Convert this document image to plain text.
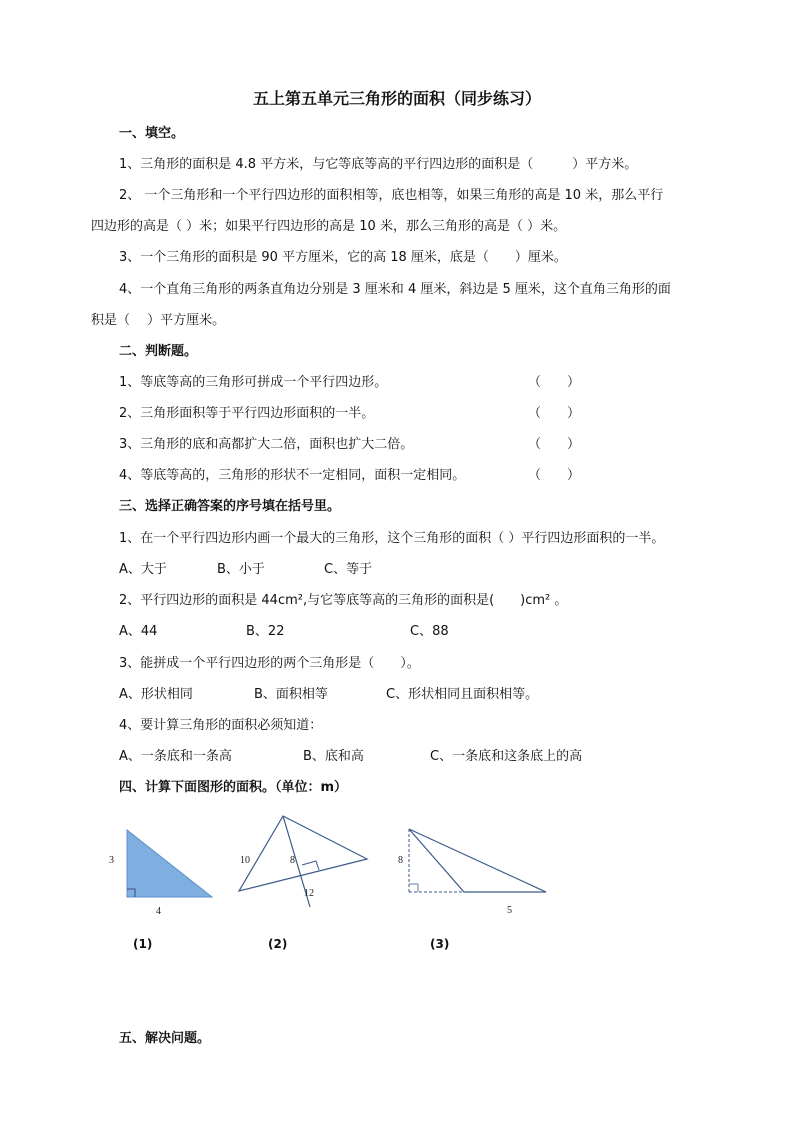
五上第五单元三角形的面积（同步练习）
一、填空。
1、三角形的面积是 4.8 平方米，与它等底等高的平行四边形的面积是（　　　）平方米。
2、 一个三角形和一个平行四边形的面积相等，底也相等，如果三角形的高是 10 米，那么平行
四边形的高是（ ）米；如果平行四边形的高是 10 米，那么三角形的高是（ ）米。
3、一个三角形的面积是 90 平方厘米，它的高 18 厘米，底是（　　）厘米。
4、一个直角三角形的两条直角边分别是 3 厘米和 4 厘米，斜边是 5 厘米，这个直角三角形的面
积是（　 ）平方厘米。
二、判断题。
1、等底等高的三角形可拼成一个平行四边形。	（　　）
2、三角形面积等于平行四边形面积的一半。	（　　）
3、三角形的底和高都扩大二倍，面积也扩大二倍。	（　　）
4、等底等高的，三角形的形状不一定相同，面积一定相同。	（　　）
三、选择正确答案的序号填在括号里。
1、在一个平行四边形内画一个最大的三角形，这个三角形的面积（ ）平行四边形面积的一半。
A、大于	B、小于	C、等于
2、平行四边形的面积是 44cm²,与它等底等高的三角形的面积是(　　)cm² 。
A、44	B、22	C、88
3、能拼成一个平行四边形的两个三角形是（　　）。
A、形状相同	B、面积相等	C、形状相同且面积相等。
4、要计算三角形的面积必须知道：
A、一条底和一条高	B、底和高	C、一条底和这条底上的高
四、计算下面图形的面积。（单位：m）
3
4
10	8
12
8
5
(1)	(2)	(3)
五、解决问题。
